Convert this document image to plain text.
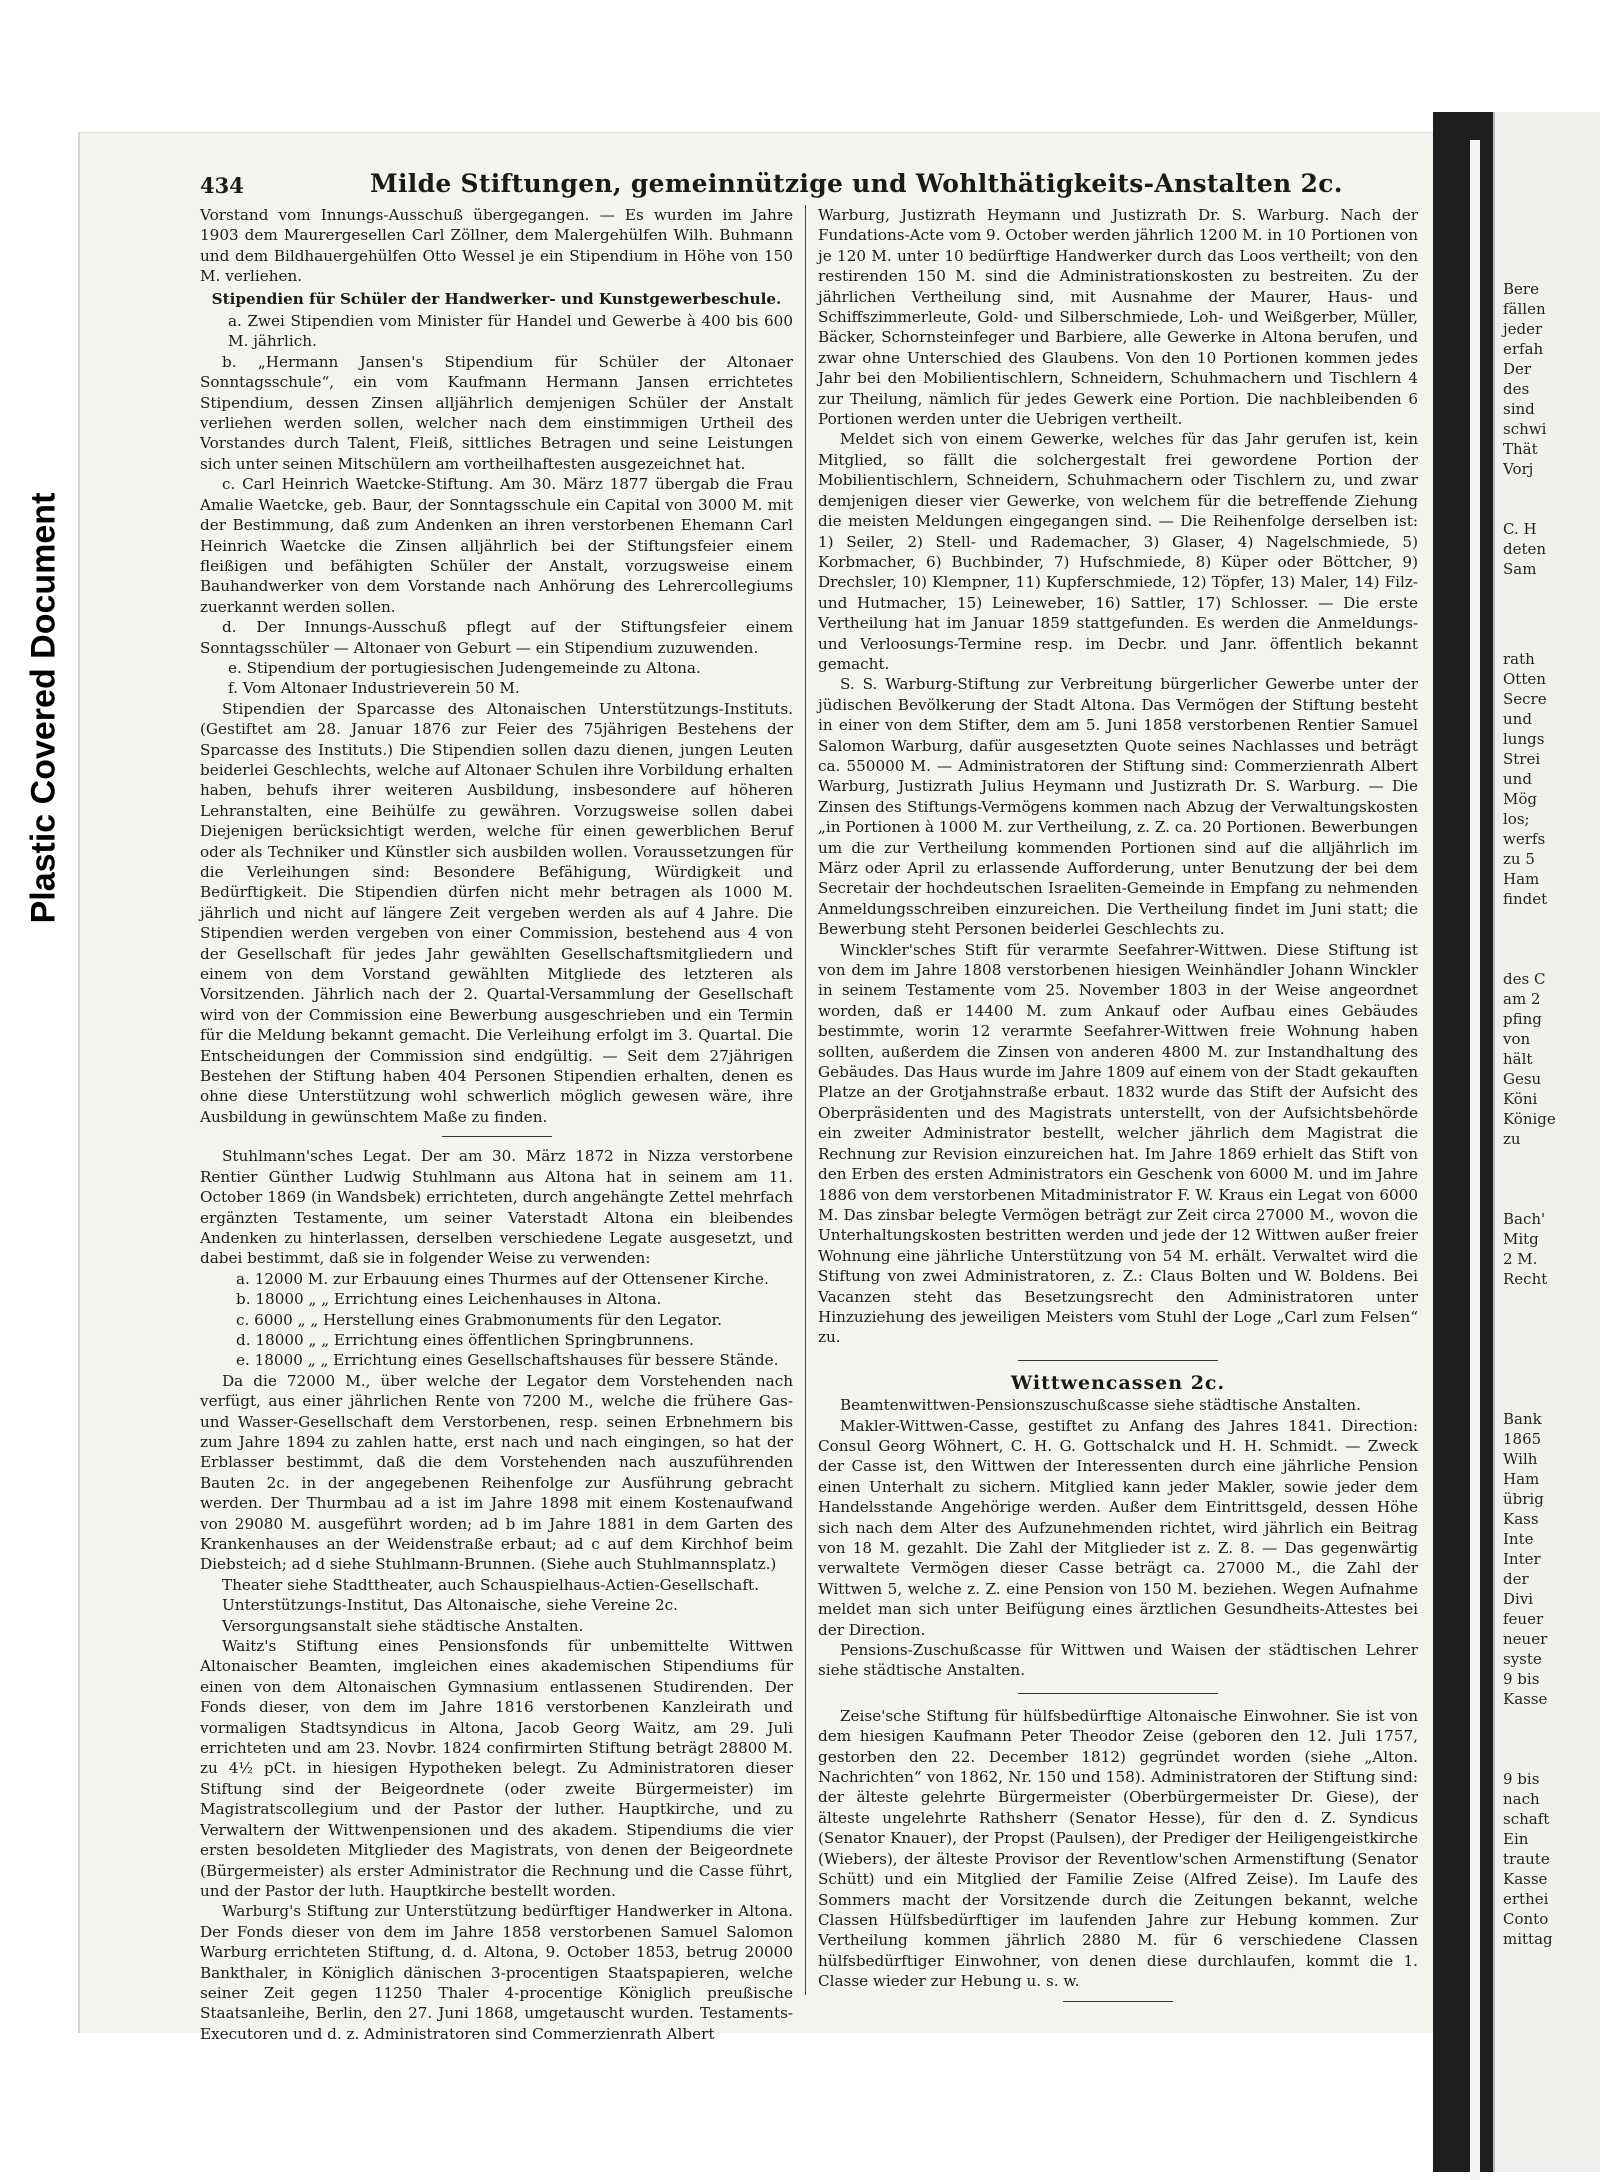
Plastic Covered Document
Bere
fällen
jeder
erfah
Der
des
sind
schwi
Thät
Vorj
C. H
deten
Sam
rath
Otten
Secre
und
lungs
Strei
und
Mög
los;
werfs
zu 5
Ham
findet
des C
am 2
pfing
von
hält
Gesu
Köni
Könige
zu
Bach'
Mitg
2 M.
Recht
Bank
1865
Wilh
Ham
übrig
Kass
Inte
Inter
der
Divi
feuer
neuer
syste
9 bis
Kasse
9 bis
nach
schaft
Ein
traute
Kasse
erthei
Conto
mittag
434	Milde Stiftungen, gemeinnützige und Wohlthätigkeits-Anstalten 2c.

Vorstand vom Innungs-Ausschuß übergegangen. — Es wurden im Jahre 1903 dem Maurergesellen Carl Zöllner, dem Malergehülfen Wilh. Buhmann und dem Bildhauergehülfen Otto Wessel je ein Stipendium in Höhe von 150 M. verliehen.

Stipendien für Schüler der Handwerker- und Kunstgewerbeschule.

a. Zwei Stipendien vom Minister für Handel und Gewerbe à 400 bis 600 M. jährlich.

b. „Hermann Jansen's Stipendium für Schüler der Altonaer Sonntagsschule“, ein vom Kaufmann Hermann Jansen errichtetes Stipendium, dessen Zinsen alljährlich demjenigen Schüler der Anstalt verliehen werden sollen, welcher nach dem einstimmigen Urtheil des Vorstandes durch Talent, Fleiß, sittliches Betragen und seine Leistungen sich unter seinen Mitschülern am vortheilhaftesten ausgezeichnet hat.

c. Carl Heinrich Waetcke-Stiftung. Am 30. März 1877 übergab die Frau Amalie Waetcke, geb. Baur, der Sonntagsschule ein Capital von 3000 M. mit der Bestimmung, daß zum Andenken an ihren verstorbenen Ehemann Carl Heinrich Waetcke die Zinsen alljährlich bei der Stiftungsfeier einem fleißigen und befähigten Schüler der Anstalt, vorzugsweise einem Bauhandwerker von dem Vorstande nach Anhörung des Lehrercollegiums zuerkannt werden sollen.

d. Der Innungs-Ausschuß pflegt auf der Stiftungsfeier einem Sonntagsschüler — Altonaer von Geburt — ein Stipendium zuzuwenden.

e. Stipendium der portugiesischen Judengemeinde zu Altona.

f. Vom Altonaer Industrieverein 50 M.

Stipendien der Sparcasse des Altonaischen Unterstützungs-Instituts. (Gestiftet am 28. Januar 1876 zur Feier des 75jährigen Bestehens der Sparcasse des Instituts.) Die Stipendien sollen dazu dienen, jungen Leuten beiderlei Geschlechts, welche auf Altonaer Schulen ihre Vorbildung erhalten haben, behufs ihrer weiteren Ausbildung, insbesondere auf höheren Lehranstalten, eine Beihülfe zu gewähren. Vorzugsweise sollen dabei Diejenigen berücksichtigt werden, welche für einen gewerblichen Beruf oder als Techniker und Künstler sich ausbilden wollen. Voraussetzungen für die Verleihungen sind: Besondere Befähigung, Würdigkeit und Bedürftigkeit. Die Stipendien dürfen nicht mehr betragen als 1000 M. jährlich und nicht auf längere Zeit vergeben werden als auf 4 Jahre. Die Stipendien werden vergeben von einer Commission, bestehend aus 4 von der Gesellschaft für jedes Jahr gewählten Gesellschaftsmitgliedern und einem von dem Vorstand gewählten Mitgliede des letzteren als Vorsitzenden. Jährlich nach der 2. Quartal-Versammlung der Gesellschaft wird von der Commission eine Bewerbung ausgeschrieben und ein Termin für die Meldung bekannt gemacht. Die Verleihung erfolgt im 3. Quartal. Die Entscheidungen der Commission sind endgültig. — Seit dem 27jährigen Bestehen der Stiftung haben 404 Personen Stipendien erhalten, denen es ohne diese Unterstützung wohl schwerlich möglich gewesen wäre, ihre Ausbildung in gewünschtem Maße zu finden.

Stuhlmann'sches Legat. Der am 30. März 1872 in Nizza verstorbene Rentier Günther Ludwig Stuhlmann aus Altona hat in seinem am 11. October 1869 (in Wandsbek) errichteten, durch angehängte Zettel mehrfach ergänzten Testamente, um seiner Vaterstadt Altona ein bleibendes Andenken zu hinterlassen, derselben verschiedene Legate ausgesetzt, und dabei bestimmt, daß sie in folgender Weise zu verwenden:

a. 12000 M. zur Erbauung eines Thurmes auf der Ottensener Kirche.

b. 18000 „ „ Errichtung eines Leichenhauses in Altona.

c. 6000 „ „ Herstellung eines Grabmonuments für den Legator.

d. 18000 „ „ Errichtung eines öffentlichen Springbrunnens.

e. 18000 „ „ Errichtung eines Gesellschaftshauses für bessere Stände.

Da die 72000 M., über welche der Legator dem Vorstehenden nach verfügt, aus einer jährlichen Rente von 7200 M., welche die frühere Gas- und Wasser-Gesellschaft dem Verstorbenen, resp. seinen Erbnehmern bis zum Jahre 1894 zu zahlen hatte, erst nach und nach eingingen, so hat der Erblasser bestimmt, daß die dem Vorstehenden nach auszuführenden Bauten 2c. in der angegebenen Reihenfolge zur Ausführung gebracht werden. Der Thurmbau ad a ist im Jahre 1898 mit einem Kostenaufwand von 29080 M. ausgeführt worden; ad b im Jahre 1881 in dem Garten des Krankenhauses an der Weidenstraße erbaut; ad c auf dem Kirchhof beim Diebsteich; ad d siehe Stuhlmann-Brunnen. (Siehe auch Stuhlmannsplatz.)

Theater siehe Stadttheater, auch Schauspielhaus-Actien-Gesellschaft.

Unterstützungs-Institut, Das Altonaische, siehe Vereine 2c.

Versorgungsanstalt siehe städtische Anstalten.

Waitz's Stiftung eines Pensionsfonds für unbemittelte Wittwen Altonaischer Beamten, imgleichen eines akademischen Stipendiums für einen von dem Altonaischen Gymnasium entlassenen Studirenden. Der Fonds dieser, von dem im Jahre 1816 verstorbenen Kanzleirath und vormaligen Stadtsyndicus in Altona, Jacob Georg Waitz, am 29. Juli errichteten und am 23. Novbr. 1824 confirmirten Stiftung beträgt 28800 M. zu 4½ pCt. in hiesigen Hypotheken belegt. Zu Administratoren dieser Stiftung sind der Beigeordnete (oder zweite Bürgermeister) im Magistratscollegium und der Pastor der luther. Hauptkirche, und zu Verwaltern der Wittwenpensionen und des akadem. Stipendiums die vier ersten besoldeten Mitglieder des Magistrats, von denen der Beigeordnete (Bürgermeister) als erster Administrator die Rechnung und die Casse führt, und der Pastor der luth. Hauptkirche bestellt worden.

Warburg's Stiftung zur Unterstützung bedürftiger Handwerker in Altona. Der Fonds dieser von dem im Jahre 1858 verstorbenen Samuel Salomon Warburg errichteten Stiftung, d. d. Altona, 9. October 1853, betrug 20000 Bankthaler, in Königlich dänischen 3-procentigen Staatspapieren, welche seiner Zeit gegen 11250 Thaler 4-procentige Königlich preußische Staatsanleihe, Berlin, den 27. Juni 1868, umgetauscht wurden. Testaments-Executoren und d. z. Administratoren sind Commerzienrath Albert

Warburg, Justizrath Heymann und Justizrath Dr. S. Warburg. Nach der Fundations-Acte vom 9. October werden jährlich 1200 M. in 10 Portionen von je 120 M. unter 10 bedürftige Handwerker durch das Loos vertheilt; von den restirenden 150 M. sind die Administrationskosten zu bestreiten. Zu der jährlichen Vertheilung sind, mit Ausnahme der Maurer, Haus- und Schiffszimmerleute, Gold- und Silberschmiede, Loh- und Weißgerber, Müller, Bäcker, Schornsteinfeger und Barbiere, alle Gewerke in Altona berufen, und zwar ohne Unterschied des Glaubens. Von den 10 Portionen kommen jedes Jahr bei den Mobilientischlern, Schneidern, Schuhmachern und Tischlern 4 zur Theilung, nämlich für jedes Gewerk eine Portion. Die nachbleibenden 6 Portionen werden unter die Uebrigen vertheilt.

Meldet sich von einem Gewerke, welches für das Jahr gerufen ist, kein Mitglied, so fällt die solchergestalt frei gewordene Portion der Mobilientischlern, Schneidern, Schuhmachern oder Tischlern zu, und zwar demjenigen dieser vier Gewerke, von welchem für die betreffende Ziehung die meisten Meldungen eingegangen sind. — Die Reihenfolge derselben ist: 1) Seiler, 2) Stell- und Rademacher, 3) Glaser, 4) Nagelschmiede, 5) Korbmacher, 6) Buchbinder, 7) Hufschmiede, 8) Küper oder Böttcher, 9) Drechsler, 10) Klempner, 11) Kupferschmiede, 12) Töpfer, 13) Maler, 14) Filz- und Hutmacher, 15) Leineweber, 16) Sattler, 17) Schlosser. — Die erste Vertheilung hat im Januar 1859 stattgefunden. Es werden die Anmeldungs- und Verloosungs-Termine resp. im Decbr. und Janr. öffentlich bekannt gemacht.

S. S. Warburg-Stiftung zur Verbreitung bürgerlicher Gewerbe unter der jüdischen Bevölkerung der Stadt Altona. Das Vermögen der Stiftung besteht in einer von dem Stifter, dem am 5. Juni 1858 verstorbenen Rentier Samuel Salomon Warburg, dafür ausgesetzten Quote seines Nachlasses und beträgt ca. 550000 M. — Administratoren der Stiftung sind: Commerzienrath Albert Warburg, Justizrath Julius Heymann und Justizrath Dr. S. Warburg. — Die Zinsen des Stiftungs-Vermögens kommen nach Abzug der Verwaltungskosten „in Portionen à 1000 M. zur Vertheilung, z. Z. ca. 20 Portionen. Bewerbungen um die zur Vertheilung kommenden Portionen sind auf die alljährlich im März oder April zu erlassende Aufforderung, unter Benutzung der bei dem Secretair der hochdeutschen Israeliten-Gemeinde in Empfang zu nehmenden Anmeldungsschreiben einzureichen. Die Vertheilung findet im Juni statt; die Bewerbung steht Personen beiderlei Geschlechts zu.

Winckler'sches Stift für verarmte Seefahrer-Wittwen. Diese Stiftung ist von dem im Jahre 1808 verstorbenen hiesigen Weinhändler Johann Winckler in seinem Testamente vom 25. November 1803 in der Weise angeordnet worden, daß er 14400 M. zum Ankauf oder Aufbau eines Gebäudes bestimmte, worin 12 verarmte Seefahrer-Wittwen freie Wohnung haben sollten, außerdem die Zinsen von anderen 4800 M. zur Instandhaltung des Gebäudes. Das Haus wurde im Jahre 1809 auf einem von der Stadt gekauften Platze an der Grotjahnstraße erbaut. 1832 wurde das Stift der Aufsicht des Oberpräsidenten und des Magistrats unterstellt, von der Aufsichtsbehörde ein zweiter Administrator bestellt, welcher jährlich dem Magistrat die Rechnung zur Revision einzureichen hat. Im Jahre 1869 erhielt das Stift von den Erben des ersten Administrators ein Geschenk von 6000 M. und im Jahre 1886 von dem verstorbenen Mitadministrator F. W. Kraus ein Legat von 6000 M. Das zinsbar belegte Vermögen beträgt zur Zeit circa 27000 M., wovon die Unterhaltungskosten bestritten werden und jede der 12 Wittwen außer freier Wohnung eine jährliche Unterstützung von 54 M. erhält. Verwaltet wird die Stiftung von zwei Administratoren, z. Z.: Claus Bolten und W. Boldens. Bei Vacanzen steht das Besetzungsrecht den Administratoren unter Hinzuziehung des jeweiligen Meisters vom Stuhl der Loge „Carl zum Felsen“ zu.

Wittwencassen 2c.

Beamtenwittwen-Pensionszuschußcasse siehe städtische Anstalten.

Makler-Wittwen-Casse, gestiftet zu Anfang des Jahres 1841. Direction: Consul Georg Wöhnert, C. H. G. Gottschalck und H. H. Schmidt. — Zweck der Casse ist, den Wittwen der Interessenten durch eine jährliche Pension einen Unterhalt zu sichern. Mitglied kann jeder Makler, sowie jeder dem Handelsstande Angehörige werden. Außer dem Eintrittsgeld, dessen Höhe sich nach dem Alter des Aufzunehmenden richtet, wird jährlich ein Beitrag von 18 M. gezahlt. Die Zahl der Mitglieder ist z. Z. 8. — Das gegenwärtig verwaltete Vermögen dieser Casse beträgt ca. 27000 M., die Zahl der Wittwen 5, welche z. Z. eine Pension von 150 M. beziehen. Wegen Aufnahme meldet man sich unter Beifügung eines ärztlichen Gesundheits-Attestes bei der Direction.

Pensions-Zuschußcasse für Wittwen und Waisen der städtischen Lehrer siehe städtische Anstalten.

Zeise'sche Stiftung für hülfsbedürftige Altonaische Einwohner. Sie ist von dem hiesigen Kaufmann Peter Theodor Zeise (geboren den 12. Juli 1757, gestorben den 22. December 1812) gegründet worden (siehe „Alton. Nachrichten“ von 1862, Nr. 150 und 158). Administratoren der Stiftung sind: der älteste gelehrte Bürgermeister (Oberbürgermeister Dr. Giese), der älteste ungelehrte Rathsherr (Senator Hesse), für den d. Z. Syndicus (Senator Knauer), der Propst (Paulsen), der Prediger der Heiligengeistkirche (Wiebers), der älteste Provisor der Reventlow'schen Armenstiftung (Senator Schütt) und ein Mitglied der Familie Zeise (Alfred Zeise). Im Laufe des Sommers macht der Vorsitzende durch die Zeitungen bekannt, welche Classen Hülfsbedürftiger im laufenden Jahre zur Hebung kommen. Zur Vertheilung kommen jährlich 2880 M. für 6 verschiedene Classen hülfsbedürftiger Einwohner, von denen diese durchlaufen, kommt die 1. Classe wieder zur Hebung u. s. w.
